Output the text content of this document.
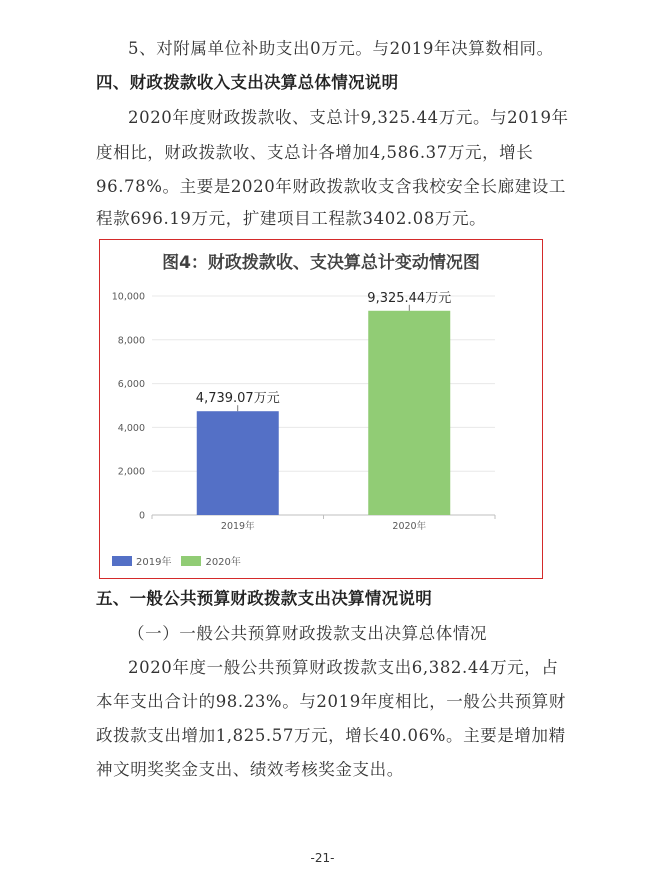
5、对附属单位补助支出0万元。与2019年决算数相同。
四、财政拨款收入支出决算总体情况说明
2020年度财政拨款收、支总计9,325.44万元。与2019年
度相比，财政拨款收、支总计各增加4,586.37万元，增长
96.78%。主要是2020年财政拨款收支含我校安全长廊建设工
程款696.19万元，扩建项目工程款3402.08万元。
图4：财政拨款收、支决算总计变动情况图
0
2,000
4,000
6,000
8,000
10,000
4,739.07万元
2019年
9,325.44万元
2020年
2019年	2020年
五、一般公共预算财政拨款支出决算情况说明
（一）一般公共预算财政拨款支出决算总体情况
2020年度一般公共预算财政拨款支出6,382.44万元，占
本年支出合计的98.23%。与2019年度相比，一般公共预算财
政拨款支出增加1,825.57万元，增长40.06%。主要是增加精
神文明奖奖金支出、绩效考核奖金支出。
-21-
